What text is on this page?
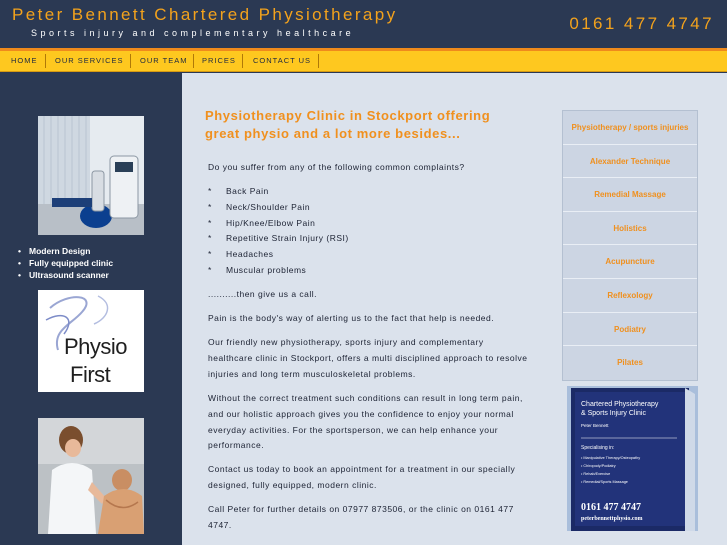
Peter Bennett Chartered Physiotherapy
Sports injury and complementary healthcare	0161 477 4747
HOME OUR SERVICES OUR TEAM PRICES CONTACT US
• Modern Design
• Fully equipped clinic
• Ultrasound scanner
Physio
First
Physiotherapy Clinic in Stockport offering great physio and a lot more besides...

Do you suffer from any of the following common complaints?

* Back Pain
* Neck/Shoulder Pain
* Hip/Knee/Elbow Pain
* Repetitive Strain Injury (RSI)
* Headaches
* Muscular problems

..........then give us a call.

Pain is the body's way of alerting us to the fact that help is needed.

Our friendly new physiotherapy, sports injury and complementary healthcare clinic in Stockport, offers a multi disciplined approach to resolve injuries and long term musculoskeletal problems.

Without the correct treatment such conditions can result in long term pain, and our holistic approach gives you the confidence to enjoy your normal everyday activities. For the sportsperson, we can help enhance your performance.

Contact us today to book an appointment for a treatment in our specially designed, fully equipped, modern clinic.

Call Peter for further details on 07977 873506, or the clinic on 0161 477 4747.

Physiotherapy / sports injuries
Alexander Technique
Remedial Massage
Holistics
Acupuncture
Reflexology
Podiatry
Pilates
Chartered Physiotherapy
& Sports Injury Clinic
Peter Bennett
Specialising in:
• Manipulative Therapy/Osteopathy
• Chiropody/Podiatry
• Rehab/Exercise
• Remedial/Sports Massage
0161 477 4747
peterbennettphysio.com
